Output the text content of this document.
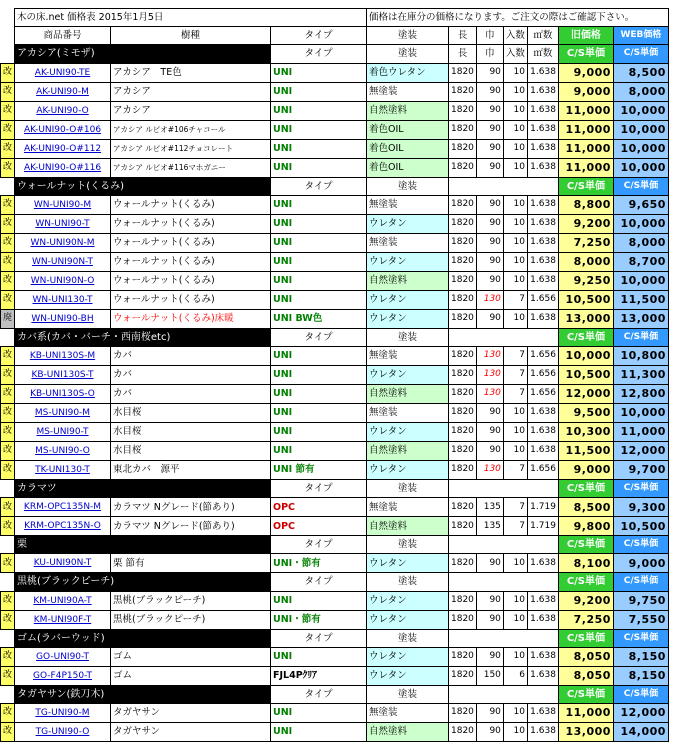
	木の床.net 価格表 2015年1月5日			価格は在庫分の価格になります。ご注文の際はご確認下さい。						
	商品番号	樹種	タイプ	塗装	長	巾	入数	㎡数	旧価格	WEB価格
	アカシア(ミモザ)		タイプ	塗装	長	巾	入数	㎡数	C/S単価	C/S単価
改	AK-UNI90-TE	アカシア　TE色	UNI	着色ウレタン	1820	90	10	1.638	9,000	8,500
改	AK-UNI90-M	アカシア	UNI	無塗装	1820	90	10	1.638	9,000	8,000
改	AK-UNI90-O	アカシア	UNI	自然塗料	1820	90	10	1.638	11,000	10,000
改	AK-UNI90-O#106	アカシア ルビオ#106チャコール	UNI	着色OIL	1820	90	10	1.638	11,000	10,000
改	AK-UNI90-O#112	アカシア ルビオ#112チョコレート	UNI	着色OIL	1820	90	10	1.638	11,000	10,000
改	AK-UNI90-O#116	アカシア ルビオ#116マホガニー	UNI	着色OIL	1820	90	10	1.638	11,000	10,000
	ウォールナット(くるみ)		タイプ	塗装					C/S単価	C/S単価
改	WN-UNI90-M	ウォールナット(くるみ)	UNI	無塗装	1820	90	10	1.638	8,800	9,650
改	WN-UNI90-T	ウォールナット(くるみ)	UNI	ウレタン	1820	90	10	1.638	9,200	10,000
改	WN-UNI90N-M	ウォールナット(くるみ)	UNI	無塗装	1820	90	10	1.638	7,250	8,000
改	WN-UNI90N-T	ウォールナット(くるみ)	UNI	ウレタン	1820	90	10	1.638	8,000	8,700
改	WN-UNI90N-O	ウォールナット(くるみ)	UNI	自然塗料	1820	90	10	1.638	9,250	10,000
改	WN-UNI130-T	ウォールナット(くるみ)	UNI	ウレタン	1820	130	7	1.656	10,500	11,500
廃	WN-UNI90-BH	ウォールナット(くるみ)床暖	UNI BW色	ウレタン	1820	90	10	1.638	13,000	13,000
	カバ系(カバ・バーチ・西南桜etc)		タイプ	塗装					C/S単価	C/S単価
改	KB-UNI130S-M	カバ	UNI	無塗装	1820	130	7	1.656	10,000	10,800
改	KB-UNI130S-T	カバ	UNI	ウレタン	1820	130	7	1.656	10,500	11,300
改	KB-UNI130S-O	カバ	UNI	自然塗料	1820	130	7	1.656	12,000	12,800
改	MS-UNI90-M	水目桜	UNI	無塗装	1820	90	10	1.638	9,500	10,000
改	MS-UNI90-T	水目桜	UNI	ウレタン	1820	90	10	1.638	10,300	11,000
改	MS-UNI90-O	水目桜	UNI	自然塗料	1820	90	10	1.638	11,500	12,000
改	TK-UNI130-T	東北カバ　源平	UNI 節有	ウレタン	1820	130	7	1.656	9,000	9,700
	カラマツ		タイプ	塗装					C/S単価	C/S単価
改	KRM-OPC135N-M	カラマツ Nグレード(節あり)	OPC	無塗装	1820	135	7	1.719	8,500	9,300
改	KRM-OPC135N-O	カラマツ Nグレード(節あり)	OPC	自然塗料	1820	135	7	1.719	9,800	10,500
	栗		タイプ	塗装					C/S単価	C/S単価
改	KU-UNI90N-T	栗 節有	UNI・節有	ウレタン	1820	90	10	1.638	8,100	9,000
	黒桃(ブラックピーチ)		タイプ	塗装					C/S単価	C/S単価
改	KM-UNI90A-T	黒桃(ブラックピーチ)	UNI	ウレタン	1820	90	10	1.638	9,200	9,750
改	KM-UNI90F-T	黒桃(ブラックピーチ)	UNI・節有	ウレタン	1820	90	10	1.638	7,250	7,550
	ゴム(ラバーウッド)		タイプ	塗装					C/S単価	C/S単価
改	GO-UNI90-T	ゴム	UNI	ウレタン	1820	90	10	1.638	8,050	8,150
改	GO-F4P150-T	ゴム	FJL4Pｸﾘｱ	ウレタン	1820	150	6	1.638	8,050	8,150
	タガヤサン(鉄刀木)		タイプ	塗装					C/S単価	C/S単価
改	TG-UNI90-M	タガヤサン	UNI	無塗装	1820	90	10	1.638	11,000	12,000
改	TG-UNI90-O	タガヤサン	UNI	自然塗料	1820	90	10	1.638	13,000	14,000
